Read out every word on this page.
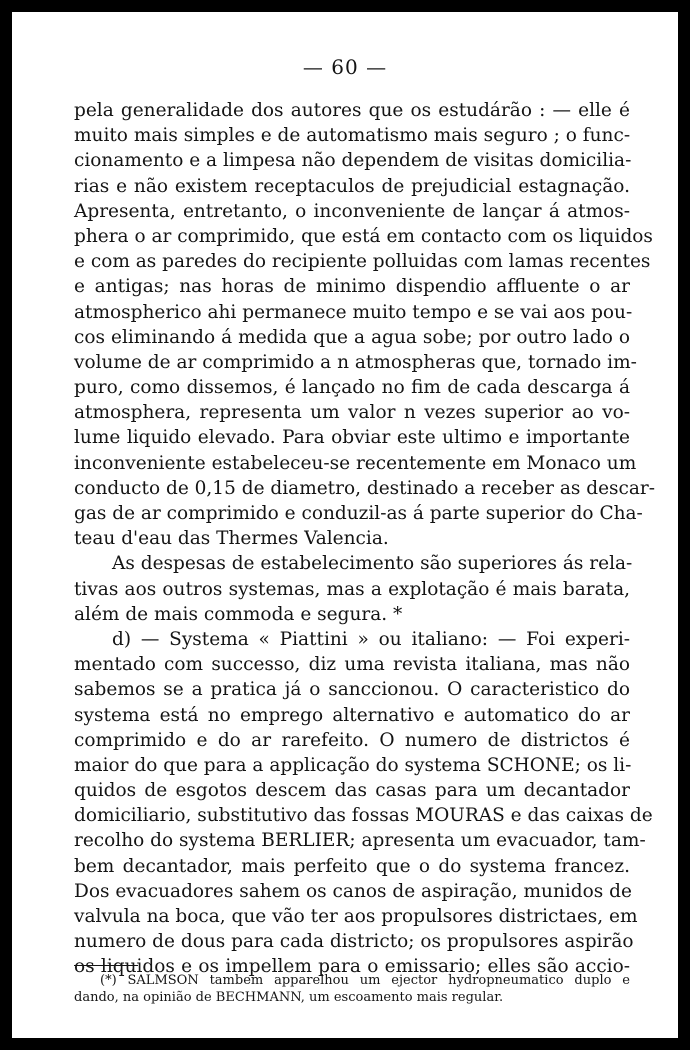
— 60 —
pela generalidade dos autores que os estudárão : — elle é
muito mais simples e de automatismo mais seguro ; o func-
cionamento e a limpesa não dependem de visitas domicilia-
rias e não existem receptaculos de prejudicial estagnação.
Apresenta, entretanto, o inconveniente de lançar á atmos-
phera o ar comprimido, que está em contacto com os liquidos
e com as paredes do recipiente polluidas com lamas recentes
e antigas; nas horas de minimo dispendio affluente o ar
atmospherico ahi permanece muito tempo e se vai aos pou-
cos eliminando á medida que a agua sobe; por outro lado o
volume de ar comprimido a n atmospheras que, tornado im-
puro, como dissemos, é lançado no fim de cada descarga á
atmosphera, representa um valor n vezes superior ao vo-
lume liquido elevado. Para obviar este ultimo e importante
inconveniente estabeleceu-se recentemente em Monaco um
conducto de 0,15 de diametro, destinado a receber as descar-
gas de ar comprimido e conduzil-as á parte superior do Cha-
teau d'eau das Thermes Valencia.
As despesas de estabelecimento são superiores ás rela-
tivas aos outros systemas, mas a explotação é mais barata,
além de mais commoda e segura. *
d) — Systema « Piattini » ou italiano: — Foi experi-
mentado com successo, diz uma revista italiana, mas não
sabemos se a pratica já o sanccionou. O caracteristico do
systema está no emprego alternativo e automatico do ar
comprimido e do ar rarefeito. O numero de districtos é
maior do que para a applicação do systema SCHONE; os li-
quidos de esgotos descem das casas para um decantador
domiciliario, substitutivo das fossas MOURAS e das caixas de
recolho do systema BERLIER; apresenta um evacuador, tam-
bem decantador, mais perfeito que o do systema francez.
Dos evacuadores sahem os canos de aspiração, munidos de
valvula na boca, que vão ter aos propulsores districtaes, em
numero de dous para cada districto; os propulsores aspirão
os liquidos e os impellem para o emissario; elles são accio-
(*) SALMSON tambem apparelhou um ejector hydropneumatico duplo e
dando, na opinião de BECHMANN, um escoamento mais regular.
